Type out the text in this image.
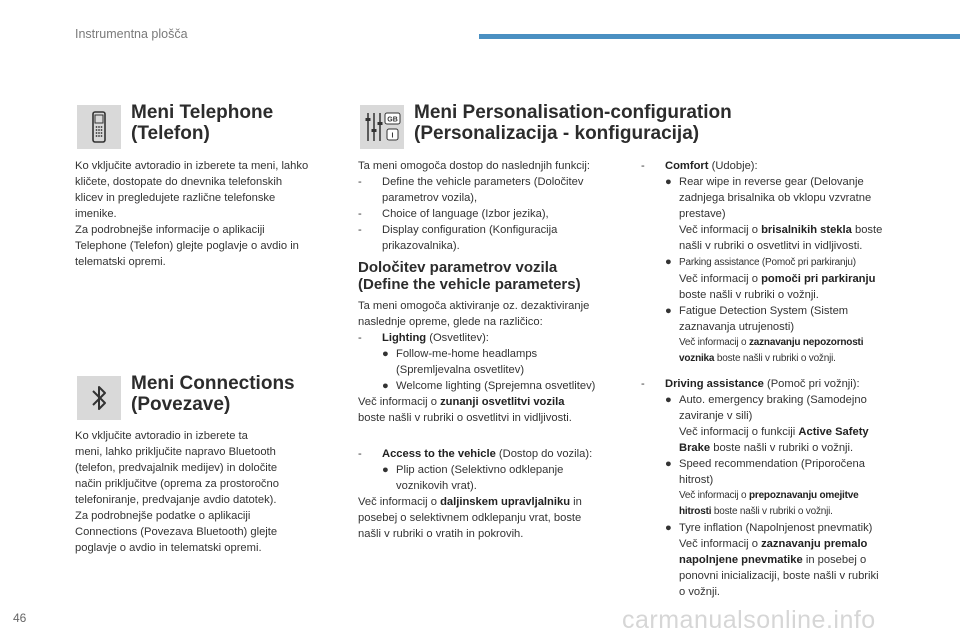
Instrumentna plošča
46	carmanualsonline.info
Meni Telephone
(Telefon)

Ko vključite avtoradio in izberete ta meni, lahko

kličete, dostopate do dnevnika telefonskih

klicev in pregledujete različne telefonske

imenike.

Za podrobnejše informacije o aplikaciji

Telephone (Telefon) glejte poglavje o avdio in

telematski opremi.

Meni Connections
(Povezave)

Ko vključite avtoradio in izberete ta

meni, lahko priključite napravo Bluetooth

(telefon, predvajalnik medijev) in določite

način priključitve (oprema za prostoročno

telefoniranje, predvajanje avdio datotek).

Za podrobnejše podatke o aplikaciji

Connections (Povezava Bluetooth) glejte

poglavje o avdio in telematski opremi.

GB
I
Meni Personalisation-configuration
(Personalizacija - konfiguracija)

Ta meni omogoča dostop do naslednjih funkcij:

- Define the vehicle parameters (Določitev
parametrov vozila),
- Choice of language (Izbor jezika),
- Display configuration (Konfiguracija
prikazovalnika).
Določitev parametrov vozila
(Define the vehicle parameters)

Ta meni omogoča aktiviranje oz. dezaktiviranje

naslednje opreme, glede na različico:

- Lighting (Osvetlitev):
● Follow-me-home headlamps
(Spremljevalna osvetlitev)
● Welcome lighting (Sprejemna osvetlitev)

Več informacij o zunanji osvetlitvi vozila

boste našli v rubriki o osvetlitvi in vidljivosti.

- Access to the vehicle (Dostop do vozila):
● Plip action (Selektivno odklepanje
voznikovih vrat).

Več informacij o daljinskem upravljalniku in

posebej o selektivnem odklepanju vrat, boste

našli v rubriki o vratih in pokrovih.

- Comfort (Udobje):
● Rear wipe in reverse gear (Delovanje
zadnjega brisalnika ob vklopu vzvratne
prestave)
Več informacij o brisalnikih stekla boste
našli v rubriki o osvetlitvi in vidljivosti.
● Parking assistance (Pomoč pri parkiranju)
Več informacij o pomoči pri parkiranju
boste našli v rubriki o vožnji.
● Fatigue Detection System (Sistem
zaznavanja utrujenosti)
Več informacij o zaznavanju nepozornosti
voznika boste našli v rubriki o vožnji.
- Driving assistance (Pomoč pri vožnji):
● Auto. emergency braking (Samodejno
zaviranje v sili)
Več informacij o funkciji Active Safety
Brake boste našli v rubriki o vožnji.
● Speed recommendation (Priporočena
hitrost)
Več informacij o prepoznavanju omejitve
hitrosti boste našli v rubriki o vožnji.
● Tyre inflation (Napolnjenost pnevmatik)
Več informacij o zaznavanju premalo
napolnjene pnevmatike in posebej o
ponovni inicializaciji, boste našli v rubriki
o vožnji.
